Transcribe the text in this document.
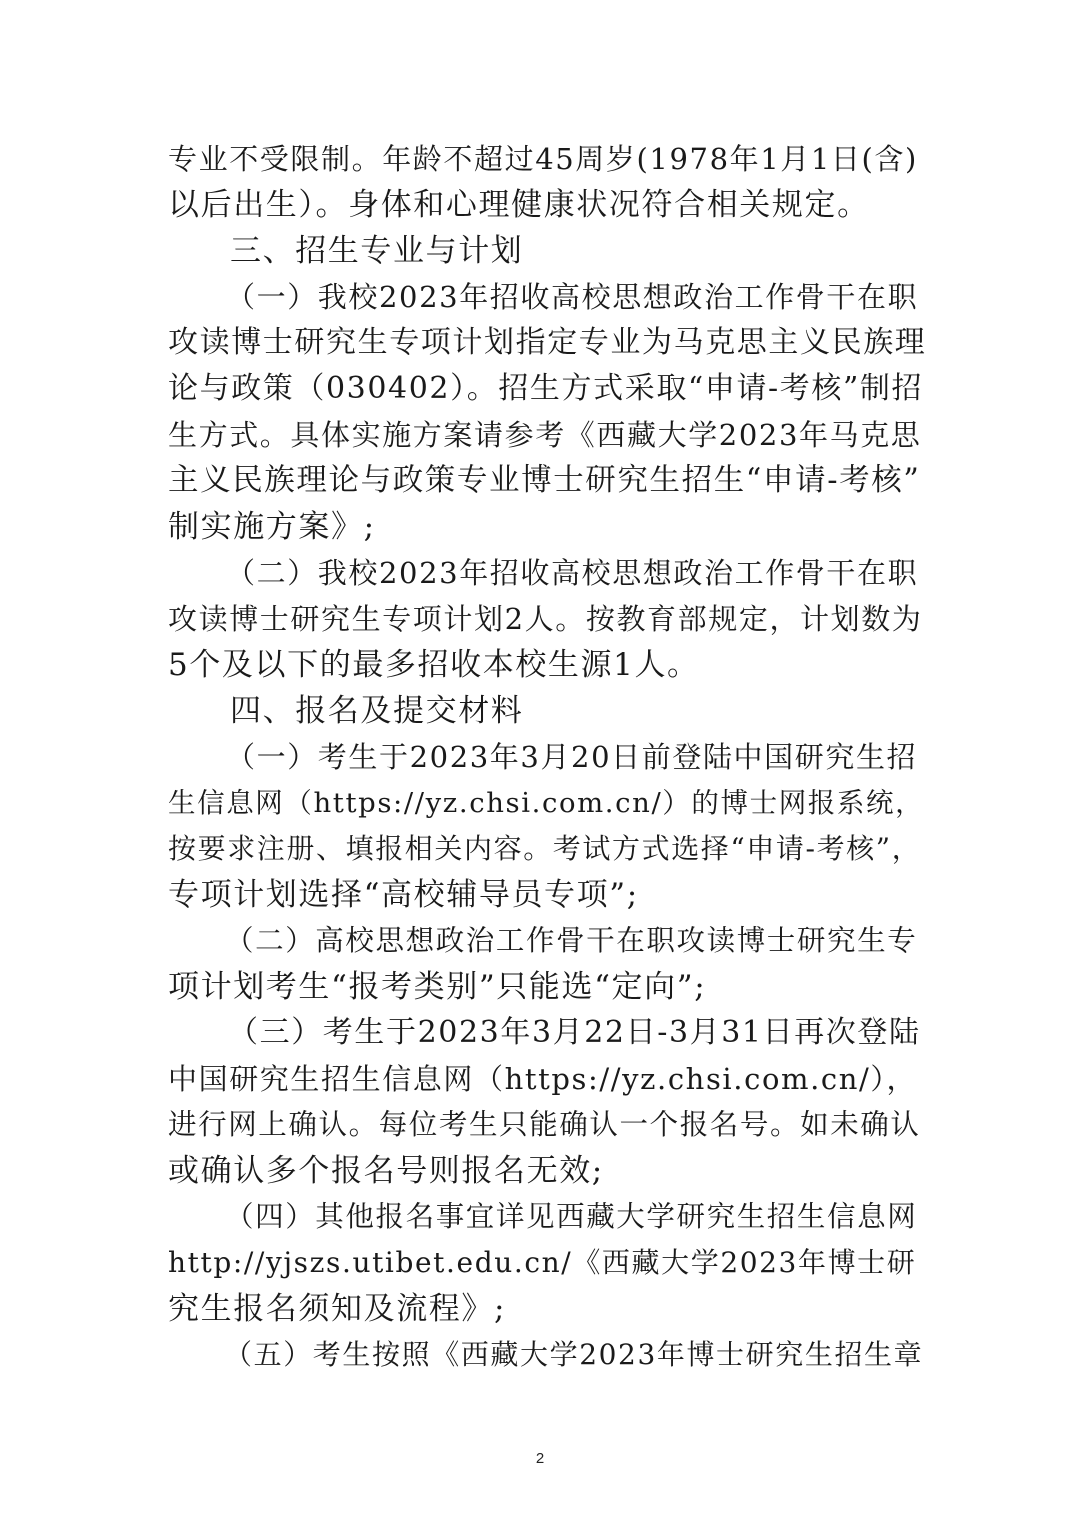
专业不受限制。年龄不超过45周岁(1978年1月1日(含)
以后出生）。身体和心理健康状况符合相关规定。

三、招生专业与计划

（一）我校2023年招收高校思想政治工作骨干在职
攻读博士研究生专项计划指定专业为马克思主义民族理
论与政策（030402）。招生方式采取“申请-考核”制招
生方式。具体实施方案请参考《西藏大学2023年马克思
主义民族理论与政策专业博士研究生招生“申请-考核”
制实施方案》;

（二）我校2023年招收高校思想政治工作骨干在职
攻读博士研究生专项计划2人。按教育部规定，计划数为
5个及以下的最多招收本校生源1人。

四、报名及提交材料

（一）考生于2023年3月20日前登陆中国研究生招
生信息网（https://yz.chsi.com.cn/）的博士网报系统，
按要求注册、填报相关内容。考试方式选择“申请-考核”，
专项计划选择“高校辅导员专项”;

（二）高校思想政治工作骨干在职攻读博士研究生专
项计划考生“报考类别”只能选“定向”;

（三）考生于2023年3月22日-3月31日再次登陆
中国研究生招生信息网（https://yz.chsi.com.cn/），
进行网上确认。每位考生只能确认一个报名号。如未确认
或确认多个报名号则报名无效;

（四）其他报名事宜详见西藏大学研究生招生信息网
http://yjszs.utibet.edu.cn/《西藏大学2023年博士研
究生报名须知及流程》;

（五）考生按照《西藏大学2023年博士研究生招生章

2
